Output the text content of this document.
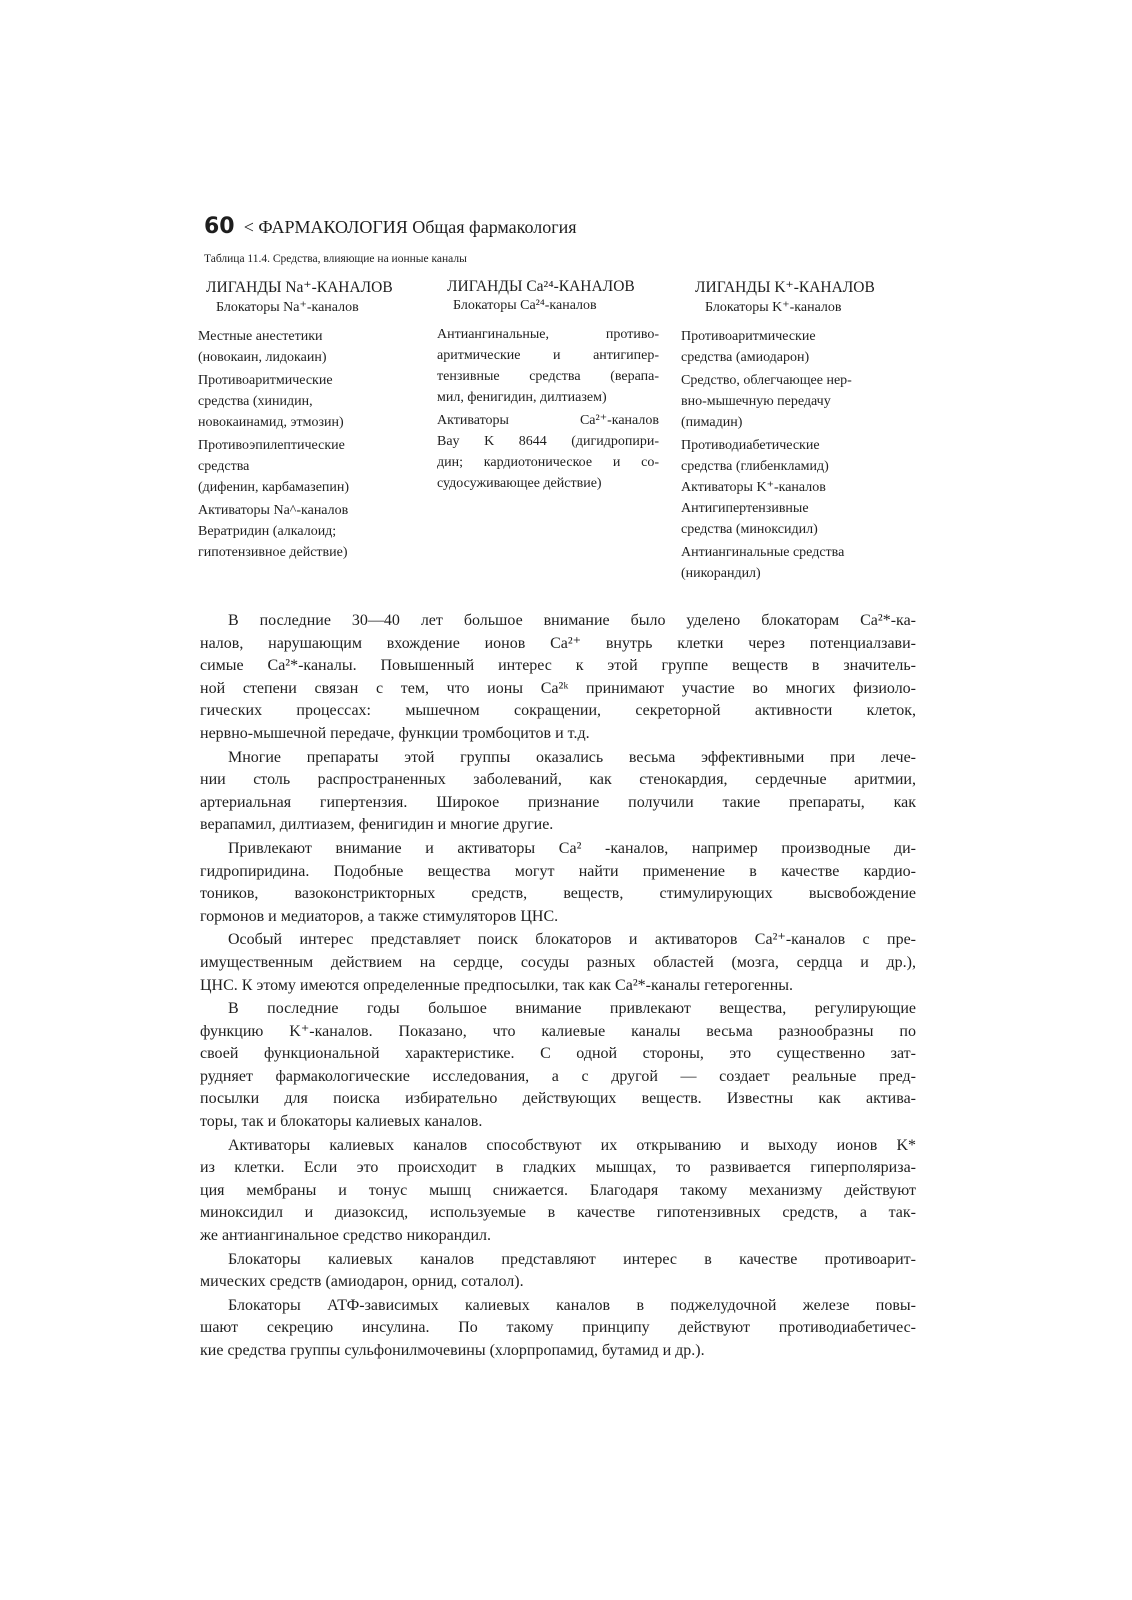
60 < ФАРМАКОЛОГИЯ Общая фармакология
Таблица 11.4. Средства, влияющие на ионные каналы
ЛИГАНДЫ Na⁺-КАНАЛОВ
Блокаторы Na⁺-каналов
Местные анестетики
(новокаин, лидокаин)
Противоаритмические
средства (хинидин,
новокаинамид, этмозин)
Противоэпилептические
средства
(дифенин, карбамазепин)
Активаторы Na^-каналов
Вератридин (алкалоид;
гипотензивное действие)
ЛИГАНДЫ Ca²⁴-КАНАЛОВ
Блокаторы Ca²⁴-каналов
Антиангинальные, противо-
аритмические и антигипер-
тензивные средства (верапа-
мил, фенигидин, дилтиазем)
Активаторы Ca²⁺-каналов
Bay K 8644 (дигидропири-
дин; кардиотоническое и со-
судосуживающее действие)
ЛИГАНДЫ K⁺-КАНАЛОВ
Блокаторы K⁺-каналов
Противоаритмические
средства (амиодарон)
Средство, облегчающее нер-
вно-мышечную передачу
(пимадин)
Противодиабетические
средства (глибенкламид)
Активаторы K⁺-каналов
Антигипертензивные
средства (миноксидил)
Антиангинальные средства
(никорандил)

В последние 30—40 лет большое внимание было уделено блокаторам Ca²*-ка-
налов, нарушающим вхождение ионов Ca²⁺ внутрь клетки через потенциалзави-
симые Ca²*-каналы. Повышенный интерес к этой группе веществ в значитель-
ной степени связан с тем, что ионы Ca²ᵏ принимают участие во многих физиоло-
гических процессах: мышечном сокращении, секреторной активности клеток,
нервно-мышечной передаче, функции тромбоцитов и т.д.

Многие препараты этой группы оказались весьма эффективными при лече-
нии столь распространенных заболеваний, как стенокардия, сердечные аритмии,
артериальная гипертензия. Широкое признание получили такие препараты, как
верапамил, дилтиазем, фенигидин и многие другие.

Привлекают внимание и активаторы Ca² -каналов, например производные ди-
гидропиридина. Подобные вещества могут найти применение в качестве кардио-
тоников, вазоконстрикторных средств, веществ, стимулирующих высвобождение
гормонов и медиаторов, а также стимуляторов ЦНС.

Особый интерес представляет поиск блокаторов и активаторов Ca²⁺-каналов с пре-
имущественным действием на сердце, сосуды разных областей (мозга, сердца и др.),
ЦНС. К этому имеются определенные предпосылки, так как Ca²*-каналы гетерогенны.

В последние годы большое внимание привлекают вещества, регулирующие
функцию K⁺-каналов. Показано, что калиевые каналы весьма разнообразны по
своей функциональной характеристике. С одной стороны, это существенно зат-
рудняет фармакологические исследования, а с другой — создает реальные пред-
посылки для поиска избирательно действующих веществ. Известны как актива-
торы, так и блокаторы калиевых каналов.

Активаторы калиевых каналов способствуют их открыванию и выходу ионов K*
из клетки. Если это происходит в гладких мышцах, то развивается гиперполяриза-
ция мембраны и тонус мышц снижается. Благодаря такому механизму действуют
миноксидил и диазоксид, используемые в качестве гипотензивных средств, а так-
же антиангинальное средство никорандил.

Блокаторы калиевых каналов представляют интерес в качестве противоарит-
мических средств (амиодарон, орнид, соталол).

Блокаторы АТФ-зависимых калиевых каналов в поджелудочной железе повы-
шают секрецию инсулина. По такому принципу действуют противодиабетичес-
кие средства группы сульфонилмочевины (хлорпропамид, бутамид и др.).
